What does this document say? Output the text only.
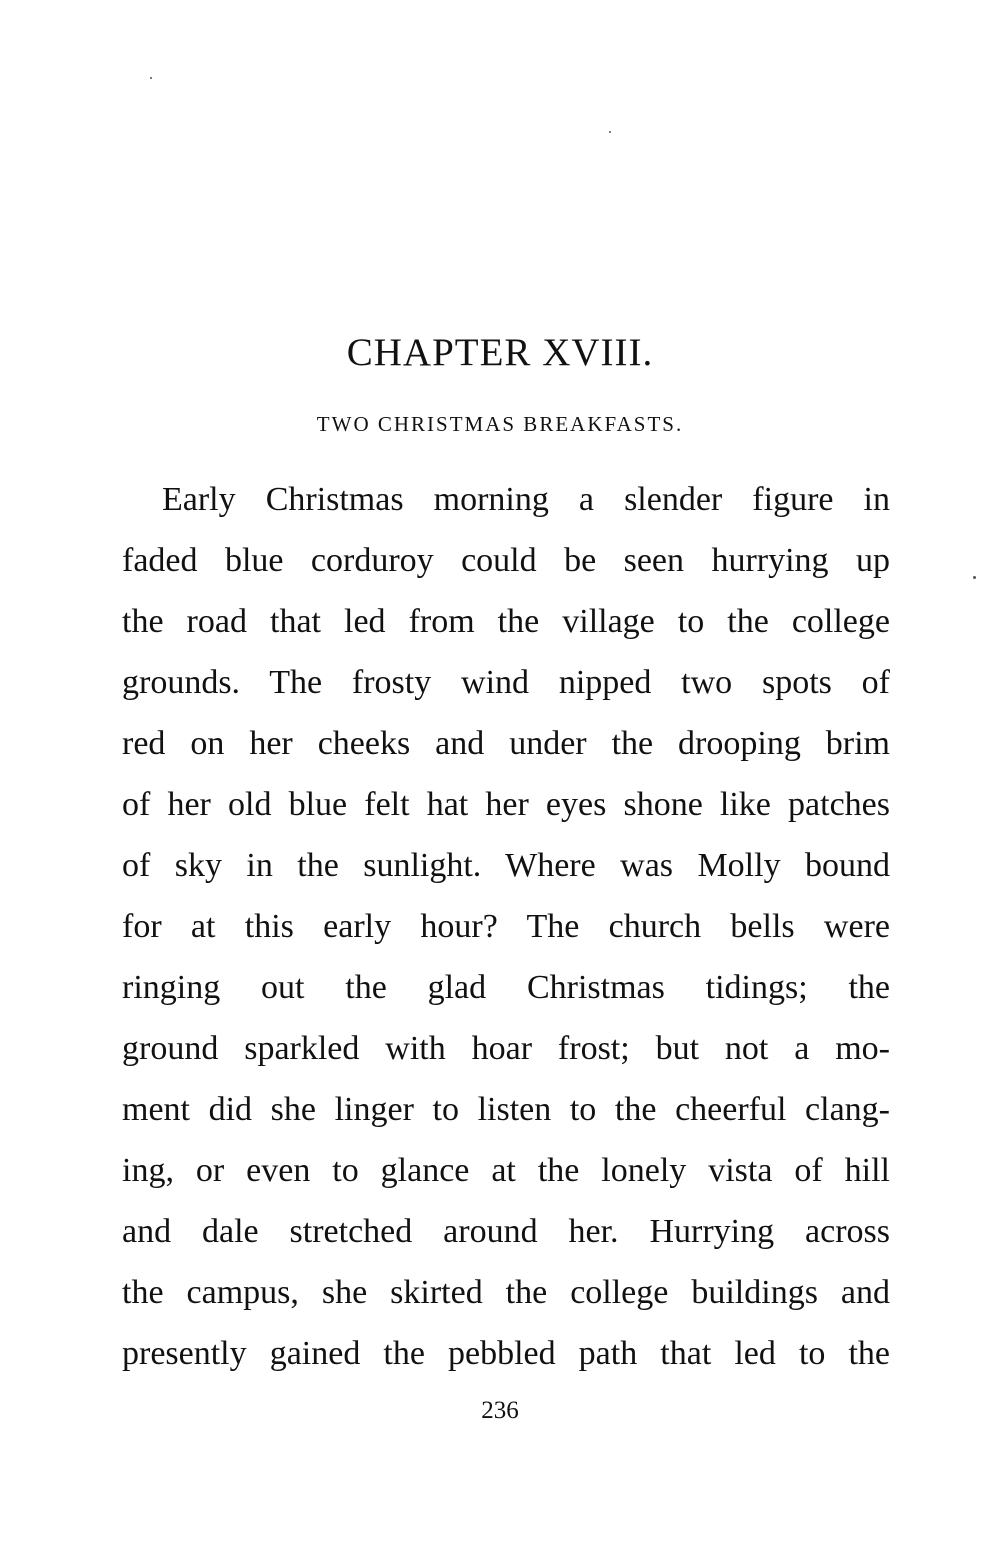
CHAPTER XVIII.
TWO CHRISTMAS BREAKFASTS.
Early Christmas morning a slender figure in
faded blue corduroy could be seen hurrying up
the road that led from the village to the college
grounds. The frosty wind nipped two spots of
red on her cheeks and under the drooping brim
of her old blue felt hat her eyes shone like patches
of sky in the sunlight. Where was Molly bound
for at this early hour? The church bells were
ringing out the glad Christmas tidings; the
ground sparkled with hoar frost; but not a mo-
ment did she linger to listen to the cheerful clang-
ing, or even to glance at the lonely vista of hill
and dale stretched around her. Hurrying across
the campus, she skirted the college buildings and
presently gained the pebbled path that led to the
236
